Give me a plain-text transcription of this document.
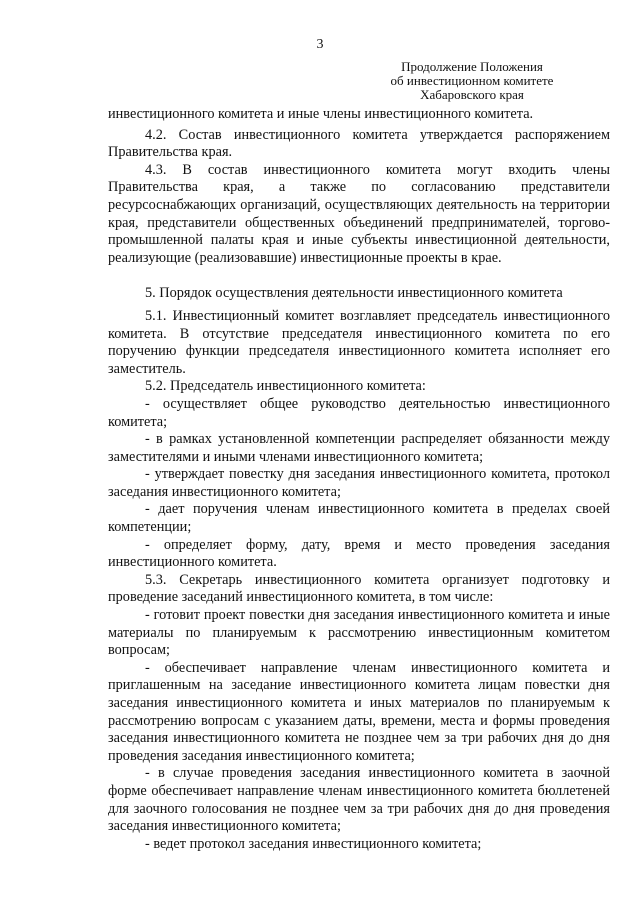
3
Продолжение Положения
об инвестиционном комитете
Хабаровского края

инвестиционного комитета и иные члены инвестиционного комитета.

4.2. Состав инвестиционного комитета утверждается распоряжением Правительства края.

4.3. В состав инвестиционного комитета могут входить члены Правительства края, а также по согласованию представители ресурсоснабжающих организаций, осуществляющих деятельность на территории края, представители общественных объединений предпринимателей, торгово-промышленной палаты края и иные субъекты инвестиционной деятельности, реализующие (реализовавшие) инвестиционные проекты в крае.

5. Порядок осуществления деятельности инвестиционного комитета

5.1. Инвестиционный комитет возглавляет председатель инвестиционного комитета. В отсутствие председателя инвестиционного комитета по его поручению функции председателя инвестиционного комитета исполняет его заместитель.

5.2. Председатель инвестиционного комитета:

- осуществляет общее руководство деятельностью инвестиционного комитета;

- в рамках установленной компетенции распределяет обязанности между заместителями и иными членами инвестиционного комитета;

- утверждает повестку дня заседания инвестиционного комитета, протокол заседания инвестиционного комитета;

- дает поручения членам инвестиционного комитета в пределах своей компетенции;

- определяет форму, дату, время и место проведения заседания инвестиционного комитета.

5.3. Секретарь инвестиционного комитета организует подготовку и проведение заседаний инвестиционного комитета, в том числе:

- готовит проект повестки дня заседания инвестиционного комитета и иные материалы по планируемым к рассмотрению инвестиционным комитетом вопросам;

- обеспечивает направление членам инвестиционного комитета и приглашенным на заседание инвестиционного комитета лицам повестки дня заседания инвестиционного комитета и иных материалов по планируемым к рассмотрению вопросам с указанием даты, времени, места и формы проведения заседания инвестиционного комитета не позднее чем за три рабочих дня до дня проведения заседания инвестиционного комитета;

- в случае проведения заседания инвестиционного комитета в заочной форме обеспечивает направление членам инвестиционного комитета бюллетеней для заочного голосования не позднее чем за три рабочих дня до дня проведения заседания инвестиционного комитета;

- ведет протокол заседания инвестиционного комитета;
